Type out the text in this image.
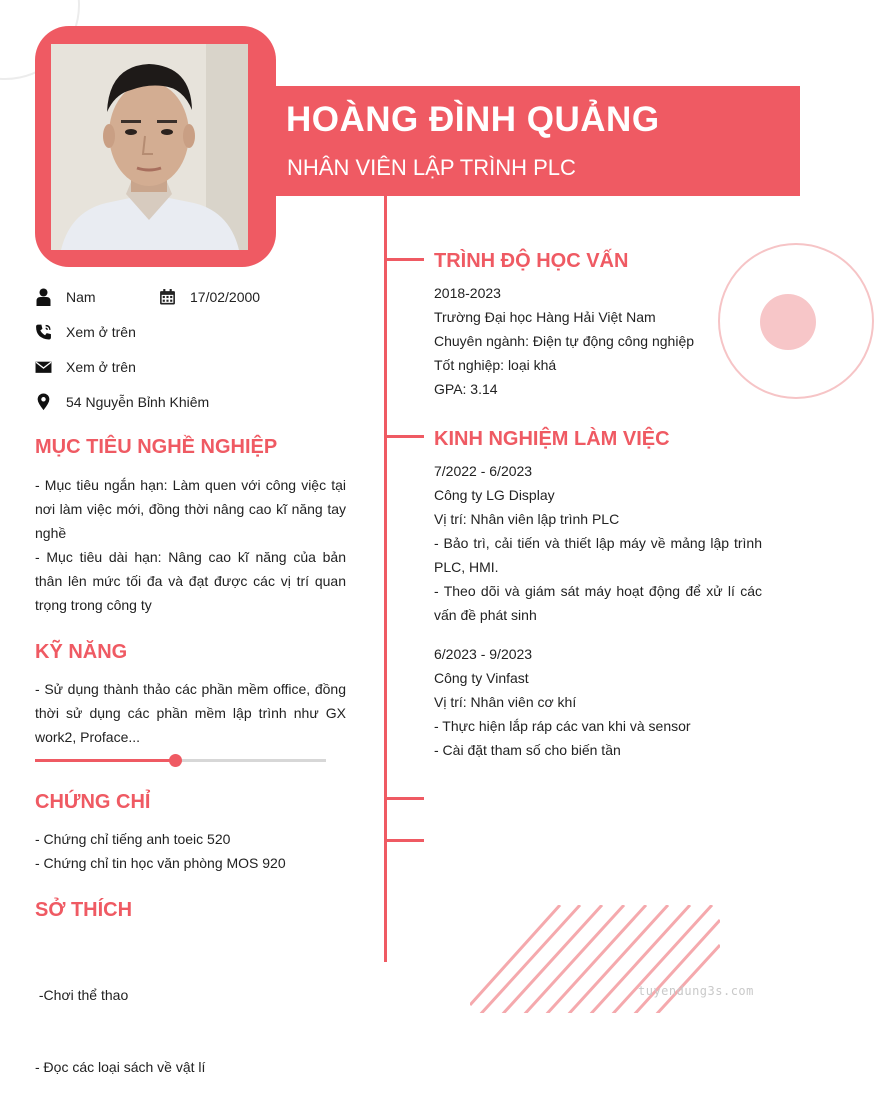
HOÀNG ĐÌNH QUẢNG
NHÂN VIÊN LẬP TRÌNH PLC
Nam	17/02/2000
Xem ở trên
Xem ở trên
54 Nguyễn Bỉnh Khiêm
MỤC TIÊU NGHỀ NGHIỆP

- Mục tiêu ngắn hạn: Làm quen với công việc tại nơi làm việc mới, đồng thời nâng cao kĩ năng tay nghề

- Mục tiêu dài hạn: Nâng cao kĩ năng của bản thân lên mức tối đa và đạt được các vị trí quan trọng trong công ty

KỸ NĂNG
- Sử dụng thành thảo các phần mềm office, đồng thời sử dụng các phần mềm lập trình như GX work2, Proface...
CHỨNG CHỈ

- Chứng chỉ tiếng anh toeic 520

- Chứng chỉ tin học văn phòng MOS 920

SỞ THÍCH

-Chơi thể thao

- Đọc các loại sách về vật lí

TRÌNH ĐỘ HỌC VẤN

2018-2023

Trường Đại học Hàng Hải Việt Nam

Chuyên ngành: Điện tự động công nghiệp

Tốt nghiệp: loại khá

GPA: 3.14

KINH NGHIỆM LÀM VIỆC

7/2022 - 6/2023

Công ty LG Display

Vị trí: Nhân viên lập trình PLC

- Bảo trì, cải tiến và thiết lập máy về mảng lập trình PLC, HMI.

- Theo dõi và giám sát máy hoạt động để xử lí các vấn đề phát sinh

6/2023 - 9/2023

Công ty Vinfast

Vị trí: Nhân viên cơ khí

- Thực hiện lắp ráp các van khi và sensor

- Cài đặt tham số cho biến tần

tuyendung3s.com
